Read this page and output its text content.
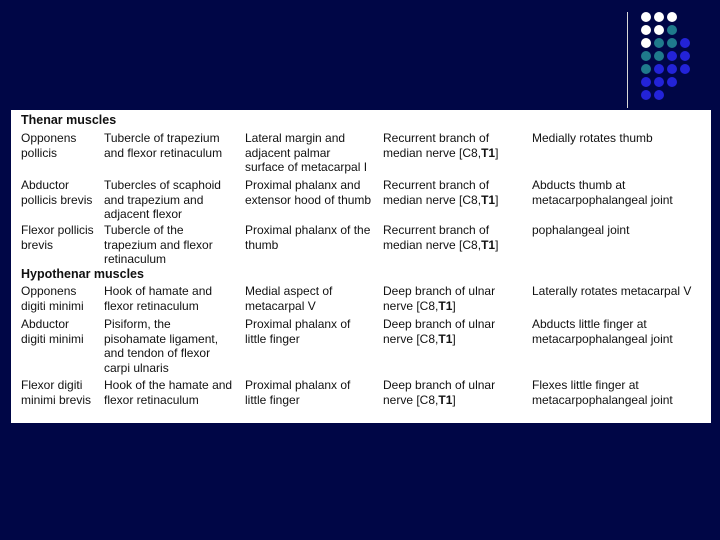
Thenar muscles
Opponens
pollicis
Tubercle of trapezium
and flexor retinaculum
Lateral margin and
adjacent palmar
surface of metacarpal I
Recurrent branch of
median nerve [C8,T1]
Medially rotates thumb
Abductor
pollicis brevis
Tubercles of scaphoid
and trapezium and
adjacent flexor
Proximal phalanx and
extensor hood of thumb
Recurrent branch of
median nerve [C8,T1]
Abducts thumb at
metacarpophalangeal joint
Flexor pollicis
brevis
Tubercle of the
trapezium and flexor
retinaculum
Proximal phalanx of the
thumb
Recurrent branch of
median nerve [C8,T1]
pophalangeal joint
Hypothenar muscles
Opponens
digiti minimi
Hook of hamate and
flexor retinaculum
Medial aspect of
metacarpal V
Deep branch of ulnar
nerve [C8,T1]
Laterally rotates metacarpal V
Abductor
digiti minimi
Pisiform, the
pisohamate ligament,
and tendon of flexor
carpi ulnaris
Proximal phalanx of
little finger
Deep branch of ulnar
nerve [C8,T1]
Abducts little finger at
metacarpophalangeal joint
Flexor digiti
minimi brevis
Hook of the hamate and
flexor retinaculum
Proximal phalanx of
little finger
Deep branch of ulnar
nerve [C8,T1]
Flexes little finger at
metacarpophalangeal joint
